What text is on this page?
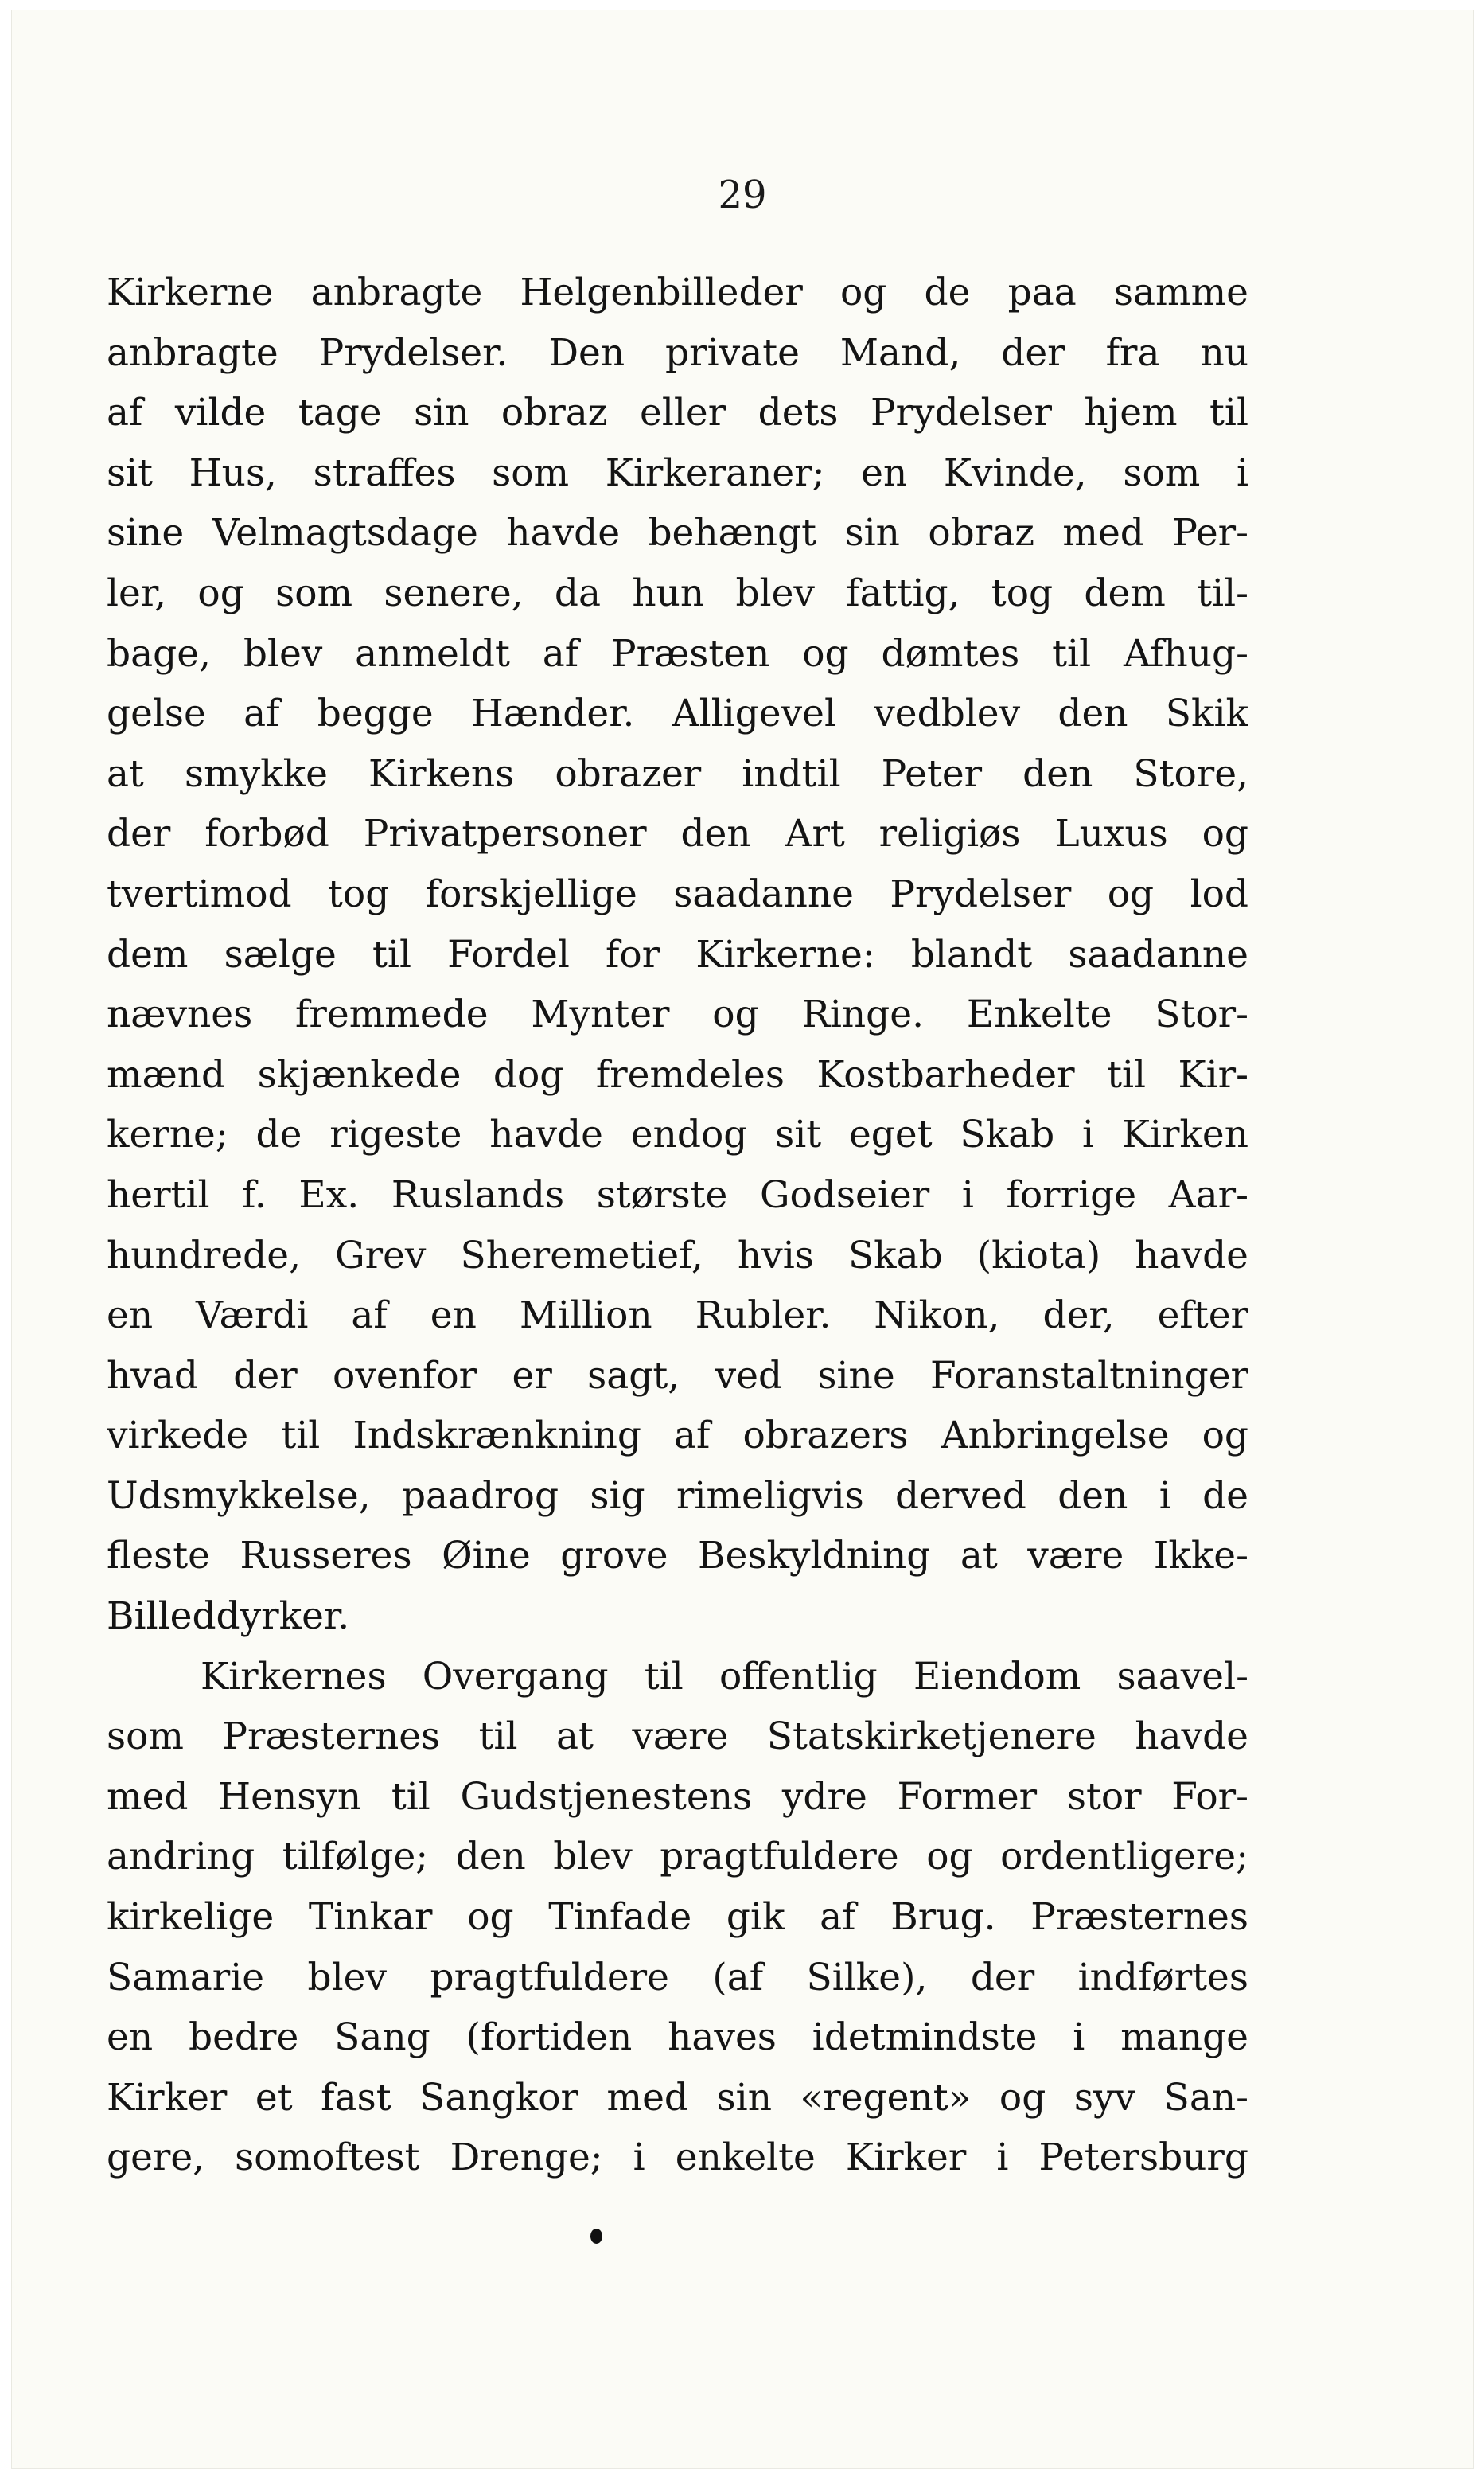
29
Kirkerne anbragte Helgenbilleder og de paa samme
anbragte Prydelser. Den private Mand, der fra nu
af vilde tage sin obraz eller dets Prydelser hjem til
sit Hus, straffes som Kirkeraner; en Kvinde, som i
sine Velmagtsdage havde behængt sin obraz med Per-
ler, og som senere, da hun blev fattig, tog dem til-
bage, blev anmeldt af Præsten og dømtes til Afhug-
gelse af begge Hænder. Alligevel vedblev den Skik
at smykke Kirkens obrazer indtil Peter den Store,
der forbød Privatpersoner den Art religiøs Luxus og
tvertimod tog forskjellige saadanne Prydelser og lod
dem sælge til Fordel for Kirkerne: blandt saadanne
nævnes fremmede Mynter og Ringe. Enkelte Stor-
mænd skjænkede dog fremdeles Kostbarheder til Kir-
kerne; de rigeste havde endog sit eget Skab i Kirken
hertil f. Ex. Ruslands største Godseier i forrige Aar-
hundrede, Grev Sheremetief, hvis Skab (kiota) havde
en Værdi af en Million Rubler. Nikon, der, efter
hvad der ovenfor er sagt, ved sine Foranstaltninger
virkede til Indskrænkning af obrazers Anbringelse og
Udsmykkelse, paadrog sig rimeligvis derved den i de
fleste Russeres Øine grove Beskyldning at være Ikke-
Billeddyrker.
Kirkernes Overgang til offentlig Eiendom saavel-
som Præsternes til at være Statskirketjenere havde
med Hensyn til Gudstjenestens ydre Former stor For-
andring tilfølge; den blev pragtfuldere og ordentligere;
kirkelige Tinkar og Tinfade gik af Brug. Præsternes
Samarie blev pragtfuldere (af Silke), der indførtes
en bedre Sang (fortiden haves idetmindste i mange
Kirker et fast Sangkor med sin «regent» og syv San-
gere, somoftest Drenge; i enkelte Kirker i Petersburg
